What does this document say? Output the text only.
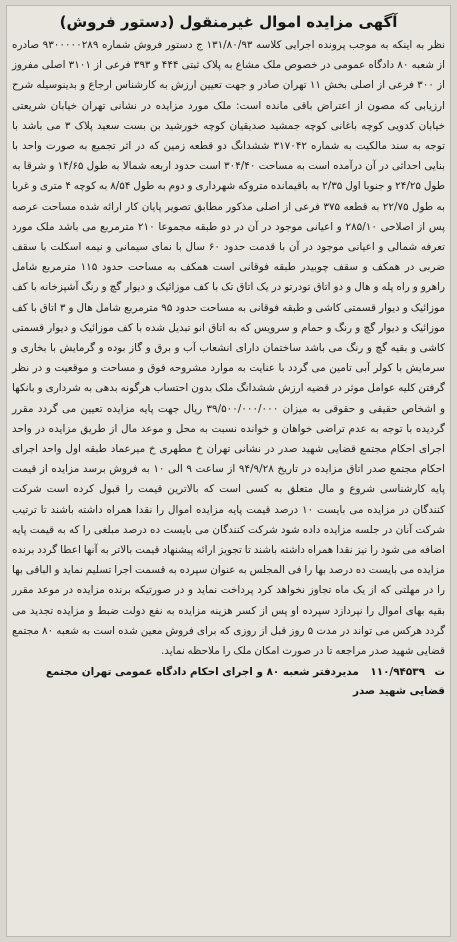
آگهی مزایده اموال غیرمنقول (دستور فروش)

نظر به اینکه به موجب پرونده اجرایی کلاسه ۱۳۱/۸۰/۹۳ ج دستور فروش شماره ۹۳۰۰۰۰۰۲۸۹ صادره از شعبه ۸۰ دادگاه عمومی در خصوص ملک مشاع به پلاک ثبتی ۴۴۴ و ۳۹۳ فرعی از ۳۱۰۱ اصلی مفروز از ۳۰۰ فرعی از اصلی بخش ۱۱ تهران صادر و جهت تعیین ارزش به کارشناس ارجاع و بدینوسیله شرح ارزیابی که مصون از اعتراض باقی مانده است: ملک مورد مزایده در نشانی تهران خیابان شریعتی خیابان کدویی کوچه باغانی کوچه جمشید صدیقیان کوچه خورشید بن بست سعید پلاک ۳ می باشد با توجه به سند مالکیت به شماره ۳۱۷۰۴۲ ششدانگ دو قطعه زمین که در اثر تجمیع به صورت واحد با بنایی احداثی در آن درآمده است به مساحت ۳۰۴/۴۰ است حدود اربعه شمالا به طول ۱۴/۶۵ و شرقا به طول ۲۴/۲۵ و جنوبا اول ۲/۳۵ به باقیمانده متروکه شهرداری و دوم به طول ۸/۵۴ به کوچه ۴ متری و غربا به طول ۲۲/۷۵ به قطعه ۳۷۵ فرعی از اصلی مذکور مطابق تصویر پایان کار ارائه شده مساحت عرصه پس از اصلاحی ۲۸۵/۱۰ و اعیانی موجود در آن در دو طبقه مجموعا ۲۱۰ مترمربع می باشد ملک مورد تعرفه شمالی و اعیانی موجود در آن با قدمت حدود ۶۰ سال با نمای سیمانی و نیمه اسکلت با سقف ضربی در همکف و سقف چوبیدر طبقه فوقانی است همکف به مساحت حدود ۱۱۵ مترمربع شامل راهرو و راه پله و هال و دو اتاق تودرتو در یک اتاق تک با کف موزائیک و دیوار گچ و رنگ آشپزخانه با کف موزائیک و دیوار قسمتی کاشی و طبقه فوقانی به مساحت حدود ۹۵ مترمربع شامل هال و ۳ اتاق با کف موزائیک و دیوار گچ و رنگ و حمام و سرویس که به اتاق انو تبدیل شده با کف موزائیک و دیوار قسمتی کاشی و بقیه گچ و رنگ می باشد ساختمان دارای انشعاب آب و برق و گاز بوده و گرمایش با بخاری و سرمایش با کولر آبی تامین می گردد با عنایت به موارد مشروحه فوق و مساحت و موقعیت و در نظر گرفتن کلیه عوامل موثر در قضیه ارزش ششدانگ ملک بدون احتساب هرگونه بدهی به شرداری و بانکها و اشخاص حقیقی و حقوقی به میزان ۳۹/۵۰۰/۰۰۰/۰۰۰ ریال جهت پایه مزایده تعیین می گردد مقرر گردیده با توجه به عدم تراضی خواهان و خوانده نسبت به محل و موعد مال از طریق مزایده در واحد اجرای احکام مجتمع قضایی شهید صدر در نشانی تهران خ مطهری خ میرعماد طبقه اول واحد اجرای احکام مجتمع صدر اتاق مزایده در تاریخ ۹۴/۹/۲۸ از ساعت ۹ الی ۱۰ به فروش برسد مزایده از قیمت پایه کارشناسی شروع و مال متعلق به کسی است که بالاترین قیمت را قبول کرده است شرکت کنندگان در مزایده می بایست ۱۰ درصد قیمت پایه مزایده اموال را نقدا همراه داشته باشند تا ترتیب شرکت آنان در جلسه مزایده داده شود شرکت کنندگان می بایست ده درصد مبلغی را که به قیمت پایه اضافه می شود را نیز نقدا همراه داشته باشند تا تجویز ارائه پیشنهاد قیمت بالاتر به آنها اعطا گردد برنده مزایده می بایست ده درصد بها را فی المجلس به عنوان سپرده به قسمت اجرا تسلیم نماید و الباقی بها را در مهلتی که از یک ماه تجاوز نخواهد کرد پرداخت نماید و در صورتیکه برنده مزایده در موعد مقرر بقیه بهای اموال را نپردازد سپرده او پس از کسر هزینه مزایده به نفع دولت ضبط و مزایده تجدید می گردد هرکس می تواند در مدت ۵ روز قبل از روزی که برای فروش معین شده است به شعبه ۸۰ مجتمع قضایی شهید صدر مراجعه تا در صورت امکان ملک را ملاحظه نماید.

ت ۱۱۰/۹۴۵۳۹ مدیردفتر شعبه ۸۰ و اجرای احکام دادگاه عمومی تهران مجتمع قضایی شهید صدر
